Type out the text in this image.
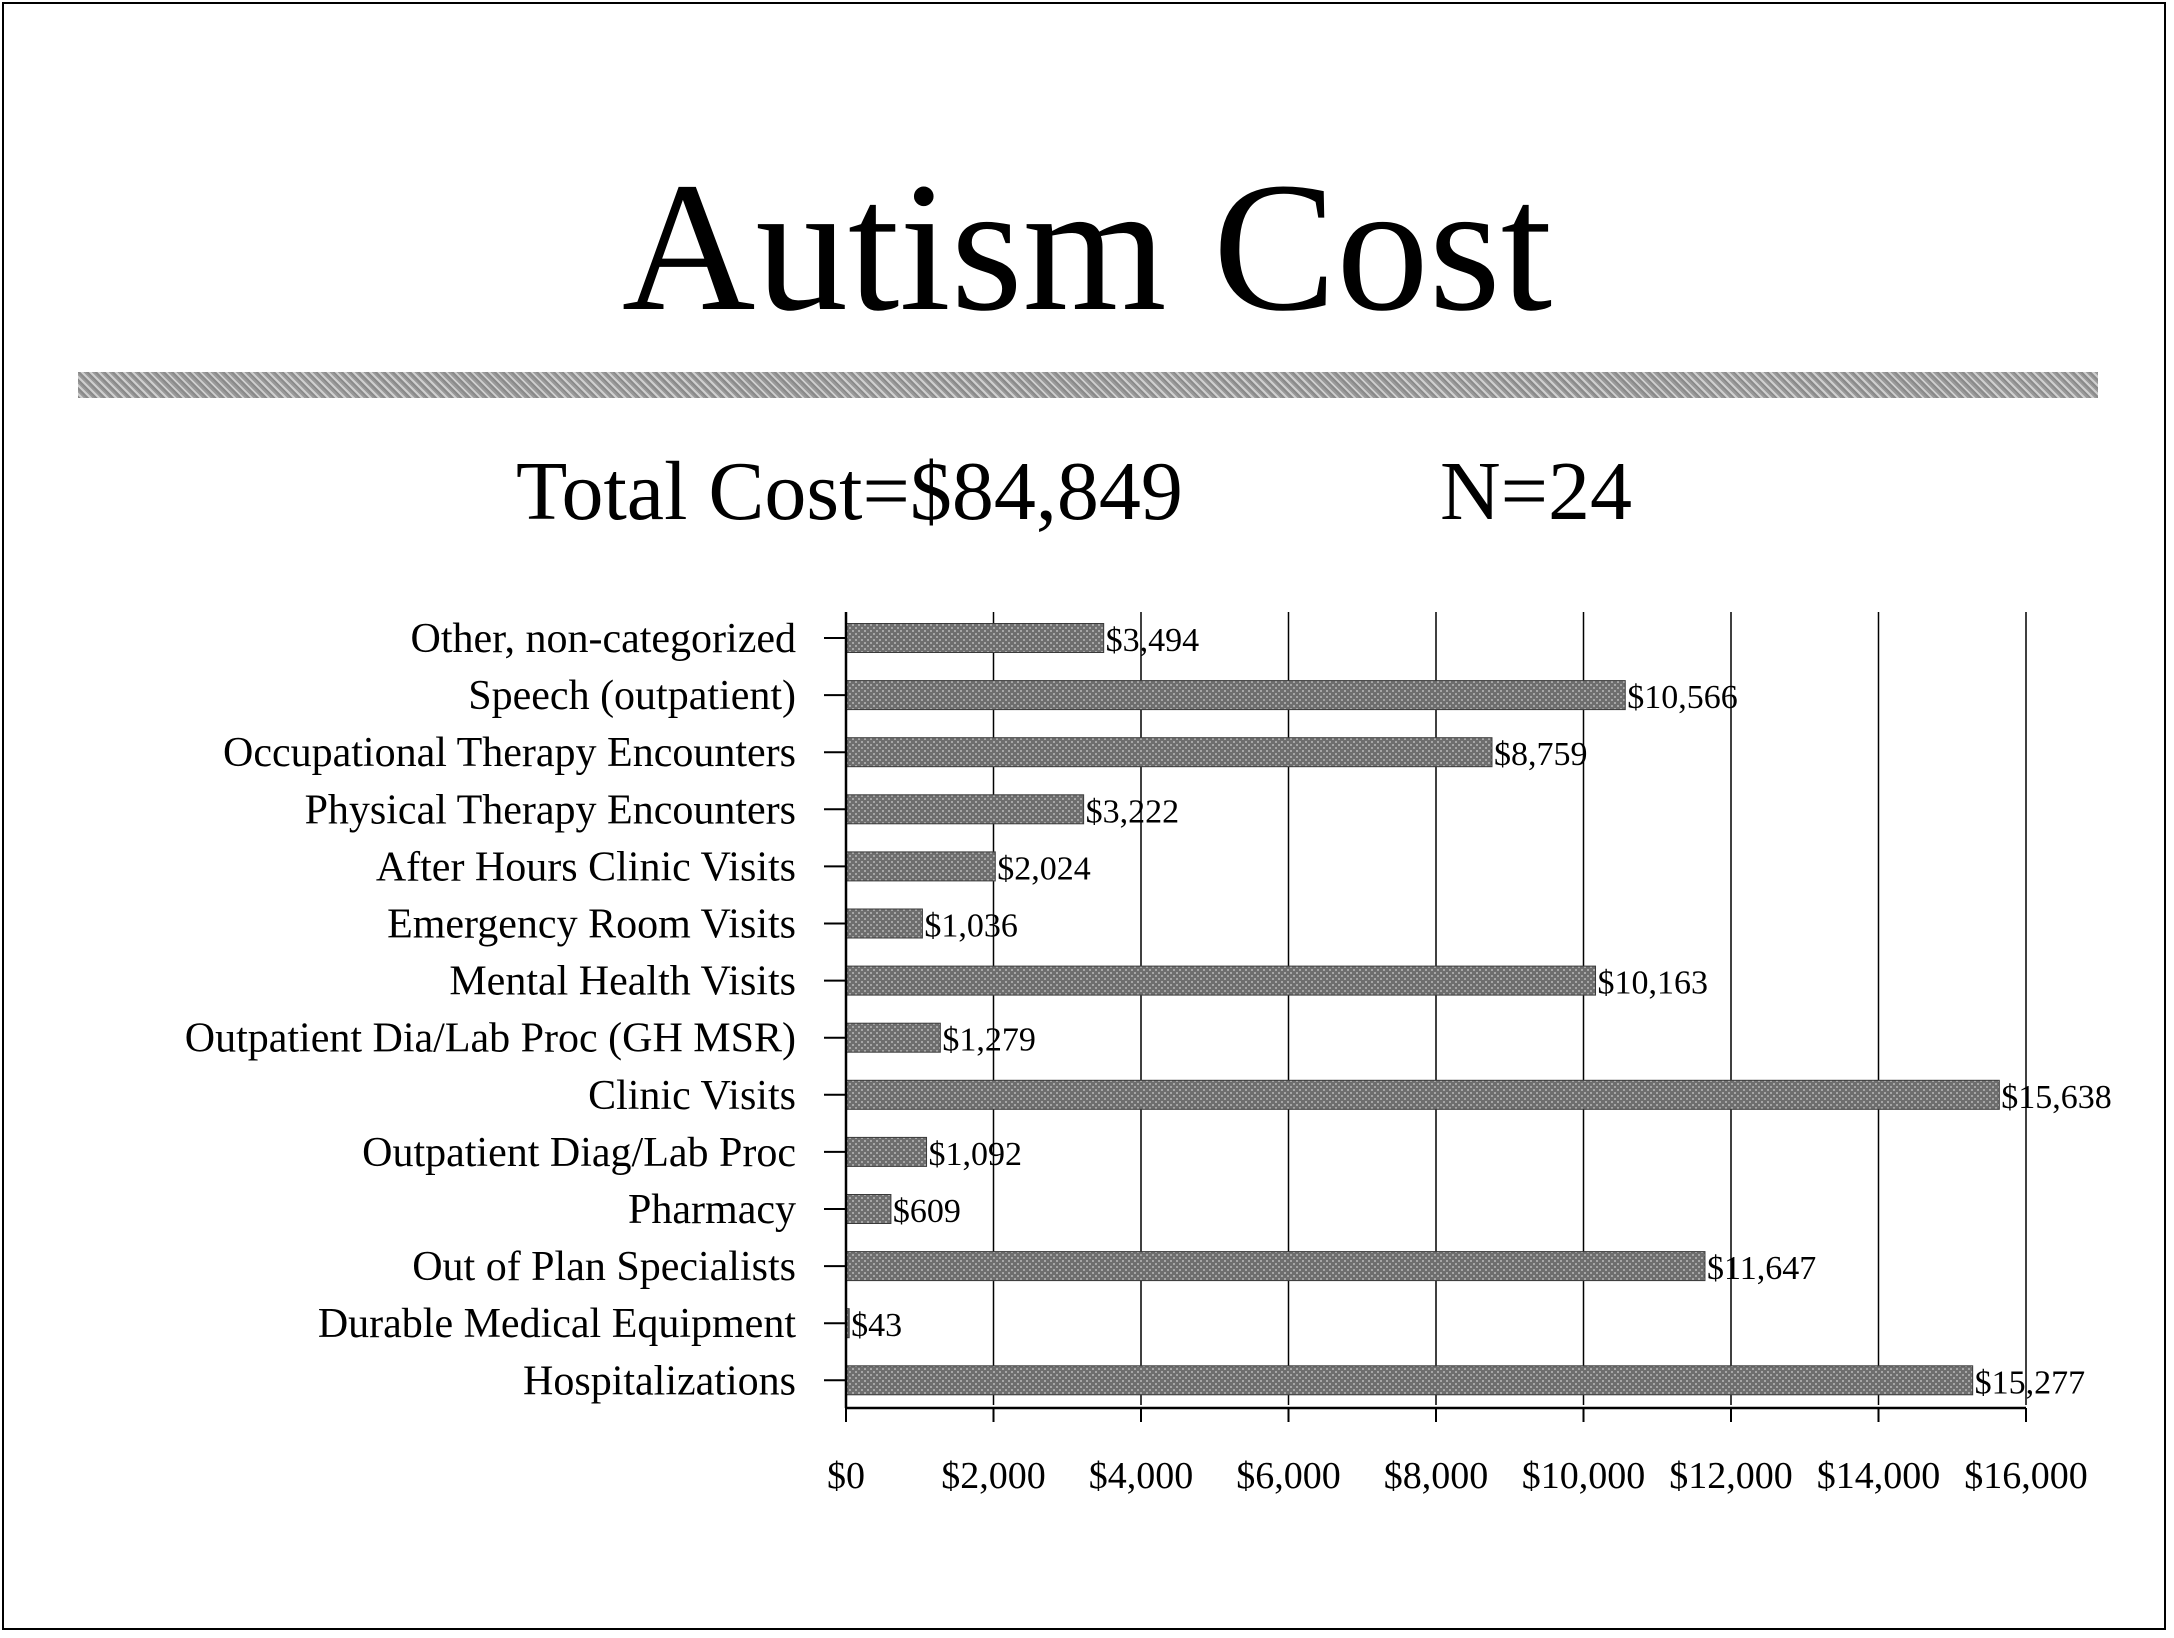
Autism Cost
Total Cost=$84,849	N=24
$0 $2,000 $4,000 $6,000 $8,000 $10,000 $12,000 $14,000 $16,000
Other, non-categorized	$3,494
Speech (outpatient)	$10,566
Occupational Therapy Encounters	$8,759
Physical Therapy Encounters	$3,222
After Hours Clinic Visits	$2,024
Emergency Room Visits	$1,036
Mental Health Visits	$10,163
Outpatient Dia/Lab Proc (GH MSR)	$1,279
Clinic Visits	$15,638
Outpatient Diag/Lab Proc	$1,092
Pharmacy	$609
Out of Plan Specialists	$11,647
Durable Medical Equipment $43
Hospitalizations	$15,277
